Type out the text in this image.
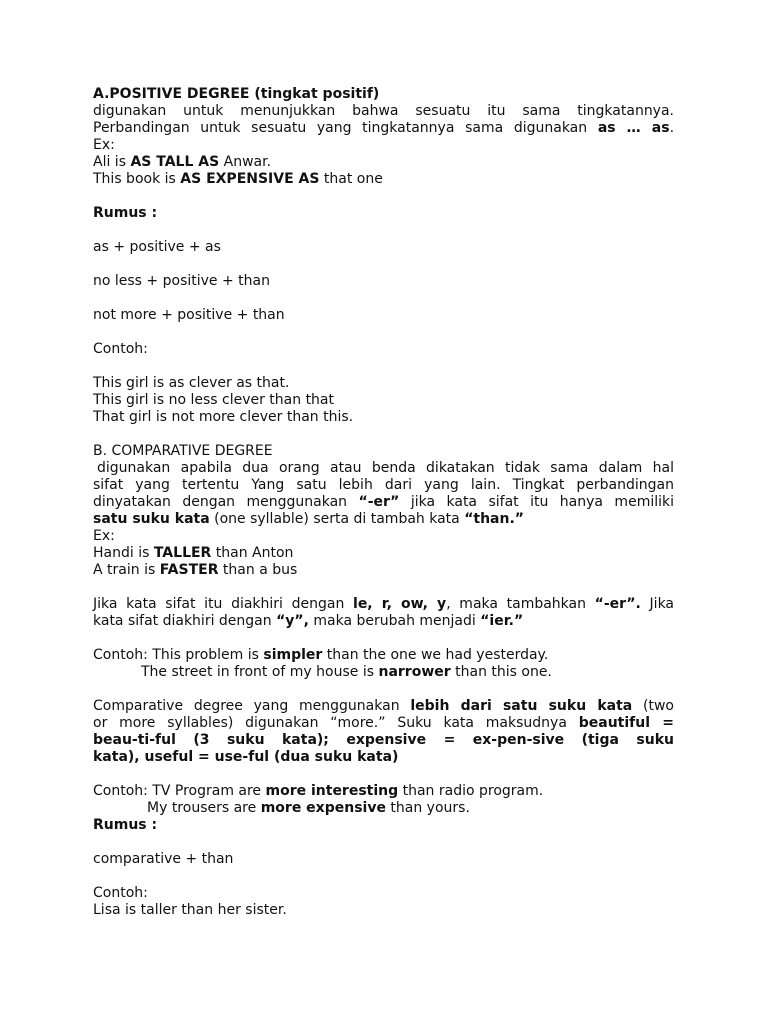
A.POSITIVE DEGREE (tingkat positif)
digunakan untuk menunjukkan bahwa sesuatu itu sama tingkatannya.
Perbandingan untuk sesuatu yang tingkatannya sama digunakan as … as.
Ex:
Ali is AS TALL AS Anwar.
This book is AS EXPENSIVE AS that one
Rumus :
as + positive + as
no less + positive + than
not more + positive + than
Contoh:
This girl is as clever as that.
This girl is no less clever than that
That girl is not more clever than this.
B. COMPARATIVE DEGREE
digunakan apabila dua orang atau benda dikatakan tidak sama dalam hal
sifat yang tertentu Yang satu lebih dari yang lain. Tingkat perbandingan
dinyatakan dengan menggunakan “-er” jika kata sifat itu hanya memiliki
satu suku kata (one syllable) serta di tambah kata “than.”
Ex:
Handi is TALLER than Anton
A train is FASTER than a bus
Jika kata sifat itu diakhiri dengan le, r, ow, y, maka tambahkan “-er”. Jika
kata sifat diakhiri dengan “y”, maka berubah menjadi “ier.”
Contoh: This problem is simpler than the one we had yesterday.
The street in front of my house is narrower than this one.
Comparative degree yang menggunakan lebih dari satu suku kata (two
or more syllables) digunakan “more.” Suku kata maksudnya beautiful =
beau-ti-ful (3 suku kata); expensive = ex-pen-sive (tiga suku
kata), useful = use-ful (dua suku kata)
Contoh: TV Program are more interesting than radio program.
My trousers are more expensive than yours.
Rumus :
comparative + than
Contoh:
Lisa is taller than her sister.
